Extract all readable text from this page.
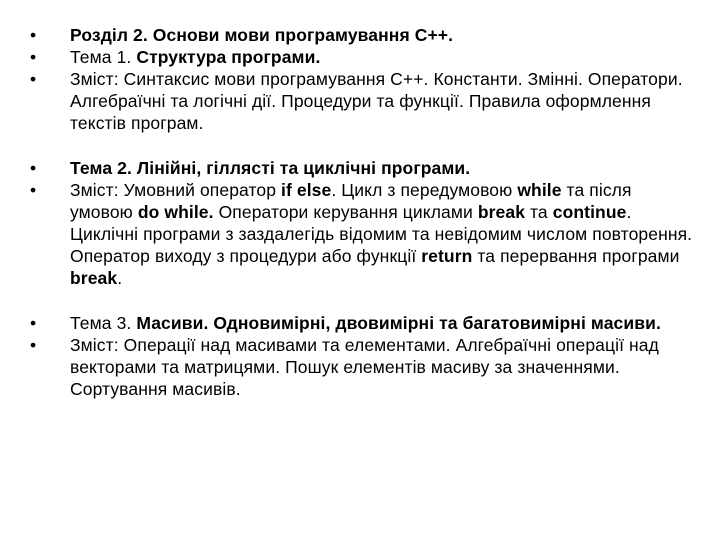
• Розділ 2. Основи мови програмування С++.
• Тема 1. Структура програми.
• Зміст: Синтаксис мови програмування С++. Константи. Змінні. Оператори. Алгебраїчні та логічні дії. Процедури та функції. Правила оформлення текстів програм.
• Тема 2. Лінійні, гіллясті та циклічні програми.
• Зміст: Умовний оператор if else. Цикл з передумовою while та після умовою do while. Оператори керування циклами break та continue. Циклічні програми з заздалегідь відомим та невідомим числом повторення. Оператор виходу з процедури або функції return та перервання програми break.
• Тема 3. Масиви. Одновимірні, двовимірні та багатовимірні масиви.
• Зміст: Операції над масивами та елементами. Алгебраїчні операції над векторами та матрицями. Пошук елементів масиву за значеннями. Сортування масивів.
